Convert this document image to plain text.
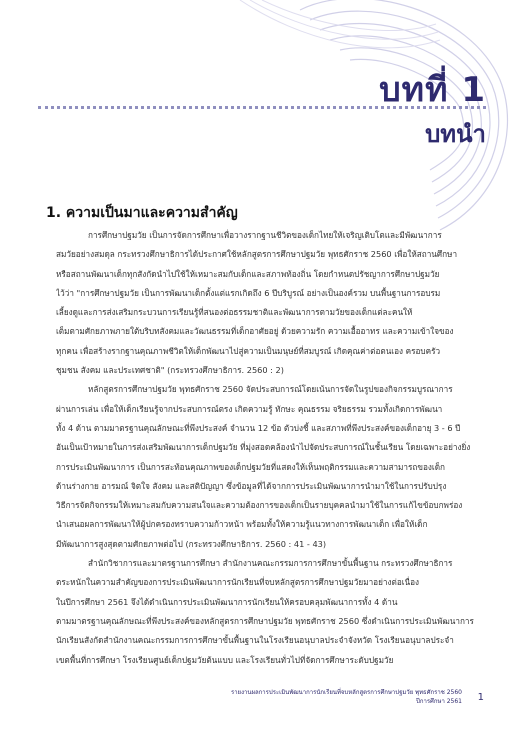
บทที่ 1
บทนำ
1. ความเป็นมาและความสำคัญ
การศึกษาปฐมวัย เป็นการจัดการศึกษาเพื่อวางรากฐานชีวิตของเด็กไทยให้เจริญเติบโตและมีพัฒนาการ
สมวัยอย่างสมดุล กระทรวงศึกษาธิการได้ประกาศใช้หลักสูตรการศึกษาปฐมวัย พุทธศักราช 2560 เพื่อให้สถานศึกษา
หรือสถานพัฒนาเด็กทุกสังกัดนำไปใช้ให้เหมาะสมกับเด็กและสภาพท้องถิ่น โดยกำหนดปรัชญาการศึกษาปฐมวัย
ไว้ว่า "การศึกษาปฐมวัย เป็นการพัฒนาเด็กตั้งแต่แรกเกิดถึง 6 ปีบริบูรณ์ อย่างเป็นองค์รวม บนพื้นฐานการอบรม
เลี้ยงดูและการส่งเสริมกระบวนการเรียนรู้ที่สนองต่อธรรมชาติและพัฒนาการตามวัยของเด็กแต่ละคนให้
เต็มตามศักยภาพภายใต้บริบทสังคมและวัฒนธรรมที่เด็กอาศัยอยู่ ด้วยความรัก ความเอื้ออาทร และความเข้าใจของ
ทุกคน เพื่อสร้างรากฐานคุณภาพชีวิตให้เด็กพัฒนาไปสู่ความเป็นมนุษย์ที่สมบูรณ์ เกิดคุณค่าต่อตนเอง ครอบครัว
ชุมชน สังคม และประเทศชาติ" (กระทรวงศึกษาธิการ. 2560 : 2)
หลักสูตรการศึกษาปฐมวัย พุทธศักราช 2560 จัดประสบการณ์โดยเน้นการจัดในรูปของกิจกรรมบูรณาการ
ผ่านการเล่น เพื่อให้เด็กเรียนรู้จากประสบการณ์ตรง เกิดความรู้ ทักษะ คุณธรรม จริยธรรม รวมทั้งเกิดการพัฒนา
ทั้ง 4 ด้าน ตามมาตรฐานคุณลักษณะที่พึงประสงค์ จำนวน 12 ข้อ ตัวบ่งชี้ และสภาพที่พึงประสงค์ของเด็กอายุ 3 - 6 ปี
อันเป็นเป้าหมายในการส่งเสริมพัฒนาการเด็กปฐมวัย ที่มุ่งสอดคล้องนำไปจัดประสบการณ์ในชั้นเรียน โดยเฉพาะอย่างยิ่ง
การประเมินพัฒนาการ เป็นการสะท้อนคุณภาพของเด็กปฐมวัยที่แสดงให้เห็นพฤติกรรมและความสามารถของเด็ก
ด้านร่างกาย อารมณ์ จิตใจ สังคม และสติปัญญา ซึ่งข้อมูลที่ได้จากการประเมินพัฒนาการนำมาใช้ในการปรับปรุง
วิธีการจัดกิจกรรมให้เหมาะสมกับความสนใจและความต้องการของเด็กเป็นรายบุคคลนำมาใช้ในการแก้ไขข้อบกพร่อง
นำเสนอผลการพัฒนาให้ผู้ปกครองทราบความก้าวหน้า พร้อมทั้งให้ความรู้แนวทางการพัฒนาเด็ก เพื่อให้เด็ก
มีพัฒนาการสูงสุดตามศักยภาพต่อไป (กระทรวงศึกษาธิการ. 2560 : 41 - 43)
สำนักวิชาการและมาตรฐานการศึกษา สำนักงานคณะกรรมการการศึกษาขั้นพื้นฐาน กระทรวงศึกษาธิการ
ตระหนักในความสำคัญของการประเมินพัฒนาการนักเรียนที่จบหลักสูตรการศึกษาปฐมวัยมาอย่างต่อเนื่อง
ในปีการศึกษา 2561 จึงได้ดำเนินการประเมินพัฒนาการนักเรียนให้ครอบคลุมพัฒนาการทั้ง 4 ด้าน
ตามมาตรฐานคุณลักษณะที่พึงประสงค์ของหลักสูตรการศึกษาปฐมวัย พุทธศักราช 2560 ซึ่งดำเนินการประเมินพัฒนาการ
นักเรียนสังกัดสำนักงานคณะกรรมการการศึกษาขั้นพื้นฐานในโรงเรียนอนุบาลประจำจังหวัด โรงเรียนอนุบาลประจำ
เขตพื้นที่การศึกษา โรงเรียนศูนย์เด็กปฐมวัยต้นแบบ และโรงเรียนทั่วไปที่จัดการศึกษาระดับปฐมวัย
รายงานผลการประเมินพัฒนาการนักเรียนที่จบหลักสูตรการศึกษาปฐมวัย พุทธศักราช 2560
ปีการศึกษา 2561 1
